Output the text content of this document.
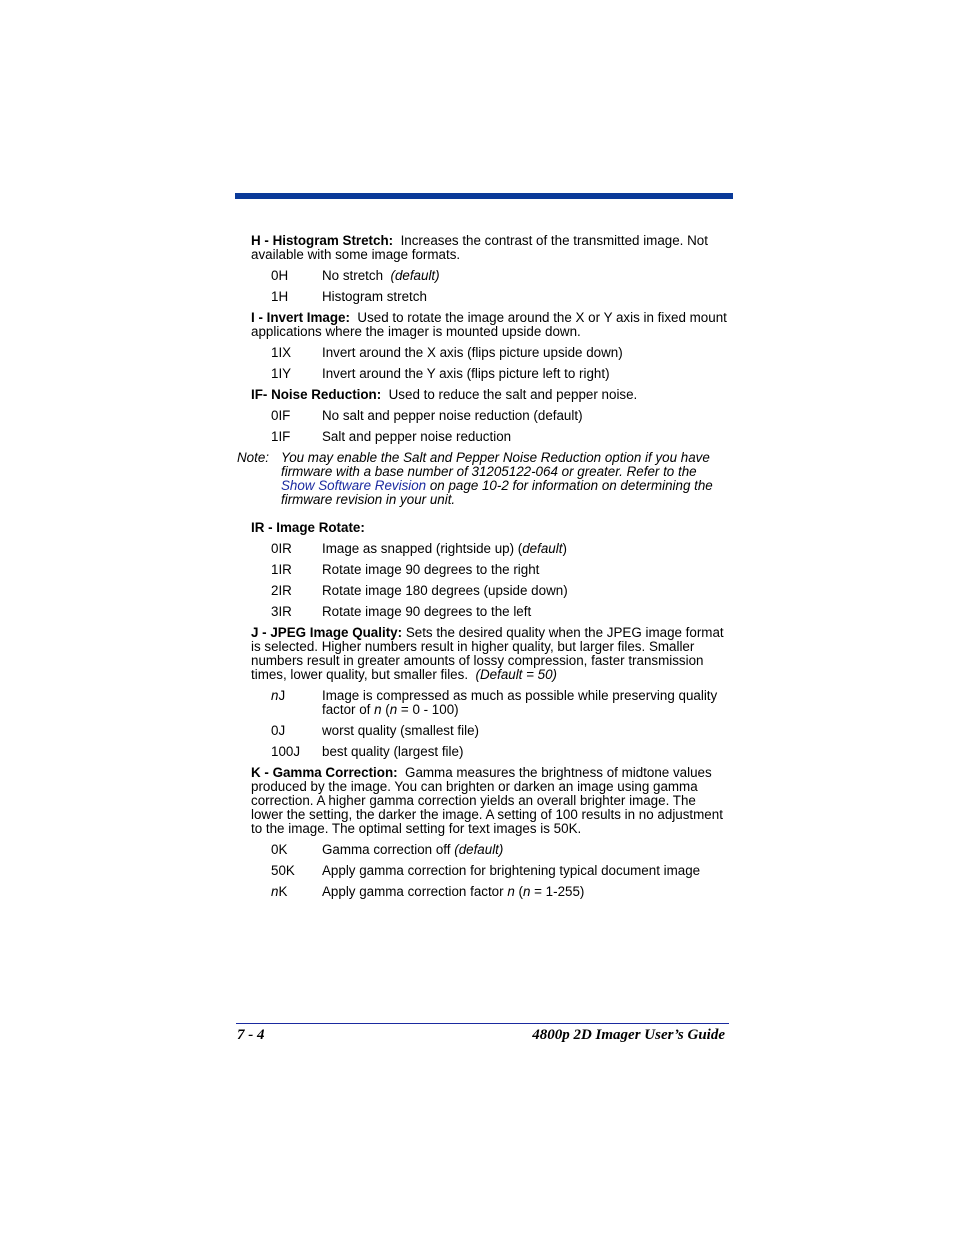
H - Histogram Stretch: Increases the contrast of the transmitted image. Not available with some image formats.

0H	No stretch (default)
1H	Histogram stretch

I - Invert Image: Used to rotate the image around the X or Y axis in fixed mount applications where the imager is mounted upside down.

1IX	Invert around the X axis (flips picture upside down)
1IY	Invert around the Y axis (flips picture left to right)

IF- Noise Reduction: Used to reduce the salt and pepper noise.

0IF	No salt and pepper noise reduction (default)
1IF	Salt and pepper noise reduction
Note: You may enable the Salt and Pepper Noise Reduction option if you have firmware with a base number of 31205122-064 or greater. Refer to the Show Software Revision on page 10-2 for information on determining the firmware revision in your unit.

IR - Image Rotate:

0IR	Image as snapped (rightside up) (default)
1IR	Rotate image 90 degrees to the right
2IR	Rotate image 180 degrees (upside down)
3IR	Rotate image 90 degrees to the left

J - JPEG Image Quality: Sets the desired quality when the JPEG image format is selected. Higher numbers result in higher quality, but larger files. Smaller numbers result in greater amounts of lossy compression, faster transmission times, lower quality, but smaller files. (Default = 50)

nJ	Image is compressed as much as possible while preserving quality factor of n (n = 0 - 100)
0J	worst quality (smallest file)
100J	best quality (largest file)

K - Gamma Correction: Gamma measures the brightness of midtone values produced by the image. You can brighten or darken an image using gamma correction. A higher gamma correction yields an overall brighter image. The lower the setting, the darker the image. A setting of 100 results in no adjustment to the image. The optimal setting for text images is 50K.

0K	Gamma correction off (default)
50K	Apply gamma correction for brightening typical document image
nK	Apply gamma correction factor n (n = 1-255)
7 - 4	4800p 2D Imager User’s Guide
